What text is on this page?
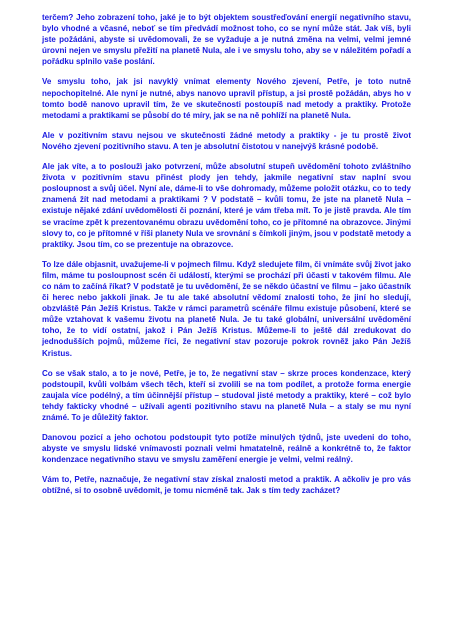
terčem? Jeho zobrazení toho, jaké je to být objektem soustřeďování energií negativního stavu, bylo vhodné a včasné, neboť se tím předvádí možnost toho, co se nyní může stát. Jak víš, byli jste požádáni, abyste si uvědomovali, že se vyžaduje a je nutná změna na velmi, velmi jemné úrovni nejen ve smyslu přežití na planetě Nula, ale i ve smyslu toho, aby se v náležitém pořadí a pořádku splnilo vaše poslání.

Ve smyslu toho, jak jsi navyklý vnímat elementy Nového zjevení, Petře, je toto nutně nepochopitelné. Ale nyní je nutné, abys nanovo upravil přístup, a jsi prostě požádán, abys ho v tomto bodě nanovo upravil tím, že ve skutečnosti postoupíš nad metody a praktiky. Protože metodami a praktikami se působí do té míry, jak se na ně pohlíží na planetě Nula.

Ale v pozitivním stavu nejsou ve skutečnosti žádné metody a praktiky - je tu prostě život Nového zjevení pozitivního stavu. A ten je absolutní čistotou v nanejvýš krásné podobě.

Ale jak víte, a to posloužì jako potvrzení, může absolutní stupeň uvědomění tohoto zvláštního života v pozitivním stavu přinést plody jen tehdy, jakmile negativní stav naplní svou posloupnost a svůj účel. Nyní ale, dáme-li to vše dohromady, můžeme položit otázku, co to tedy znamená žít nad metodami a praktikami ? V podstatě – kvůli tomu, že jste na planetě Nula – existuje nějaké zdání uvědomělosti či poznání, které je vám třeba mít. To je jistě pravda. Ale tím se vracíme zpět k prezentovanému obrazu uvědomění toho, co je přítomné na obrazovce. Jinými slovy to, co je přítomné v říši planety Nula ve srovnání s čímkoli jiným, jsou v podstatě metody a praktiky. Jsou tím, co se prezentuje na obrazovce.

To lze dále objasnit, uvažujeme-li v pojmech filmu. Když sledujete film, či vnímáte svůj život jako film, máme tu posloupnost scén či událostí, kterými se prochází při účasti v takovém filmu. Ale co nám to začíná říkat? V podstatě je tu uvědomění, že se někdo účastní ve filmu – jako účastník či herec nebo jakkoli jinak. Je tu ale také absolutní vědomí znalosti toho, že jiní ho sledují, obzvláště Pán Ježíš Kristus. Takže v rámci parametrů scénáře filmu existuje působení, které se může vztahovat k vašemu životu na planetě Nula. Je tu také globální, universální uvědomění toho, že to vidí ostatní, jakož i Pán Ježíš Kristus. Můžeme-li to ještě dál zredukovat do jednodušších pojmů, můžeme říci, že negativní stav pozoruje pokrok rovněž jako Pán Ježíš Kristus.

Co se však stalo, a to je nové, Petře, je to, že negativní stav – skrze proces kondenzace, který podstoupil, kvůli volbám všech těch, kteří si zvolili se na tom podílet, a protože forma energie zaujala více podélný, a tím účinnější přístup – studoval jisté metody a praktiky, které – což bylo tehdy fakticky vhodné – užívali agenti pozitivního stavu na planetě Nula – a staly se mu nyní známé. To je důležitý faktor.

Danovou pozicí a jeho ochotou podstoupit tyto potíže minulých týdnů, jste uvedeni do toho, abyste ve smyslu lidské vnímavosti poznali velmi hmatatelně, reálně a konkrétně to, že faktor kondenzace negativního stavu ve smyslu zaměření energie je velmi, velmi reálný.

Vám to, Petře, naznačuje, že negativní stav získal znalosti metod a praktik. A ačkoliv je pro vás obtížné, si to osobně uvědomit, je tomu nicméně tak. Jak s tím tedy zacházet?
